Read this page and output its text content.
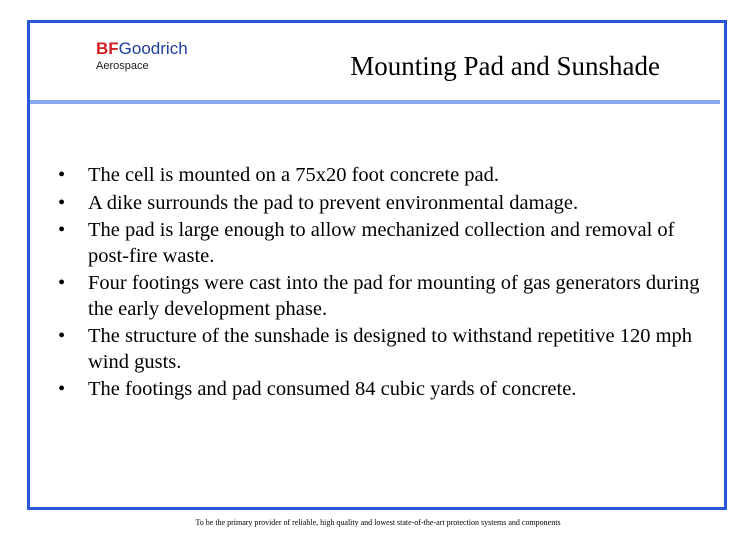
BFGoodrich
Aerospace	Mounting Pad and Sunshade
• The cell is mounted on a 75x20 foot concrete pad.
• A dike surrounds the pad to prevent environmental damage.
• The pad is large enough to allow mechanized collection and removal of post-fire waste.
• Four footings were cast into the pad for mounting of gas generators during the early development phase.
• The structure of the sunshade is designed to withstand repetitive 120 mph wind gusts.
• The footings and pad consumed 84 cubic yards of concrete.
To be the primary provider of reliable, high quality and lowest state-of-the-art protection systems and components
